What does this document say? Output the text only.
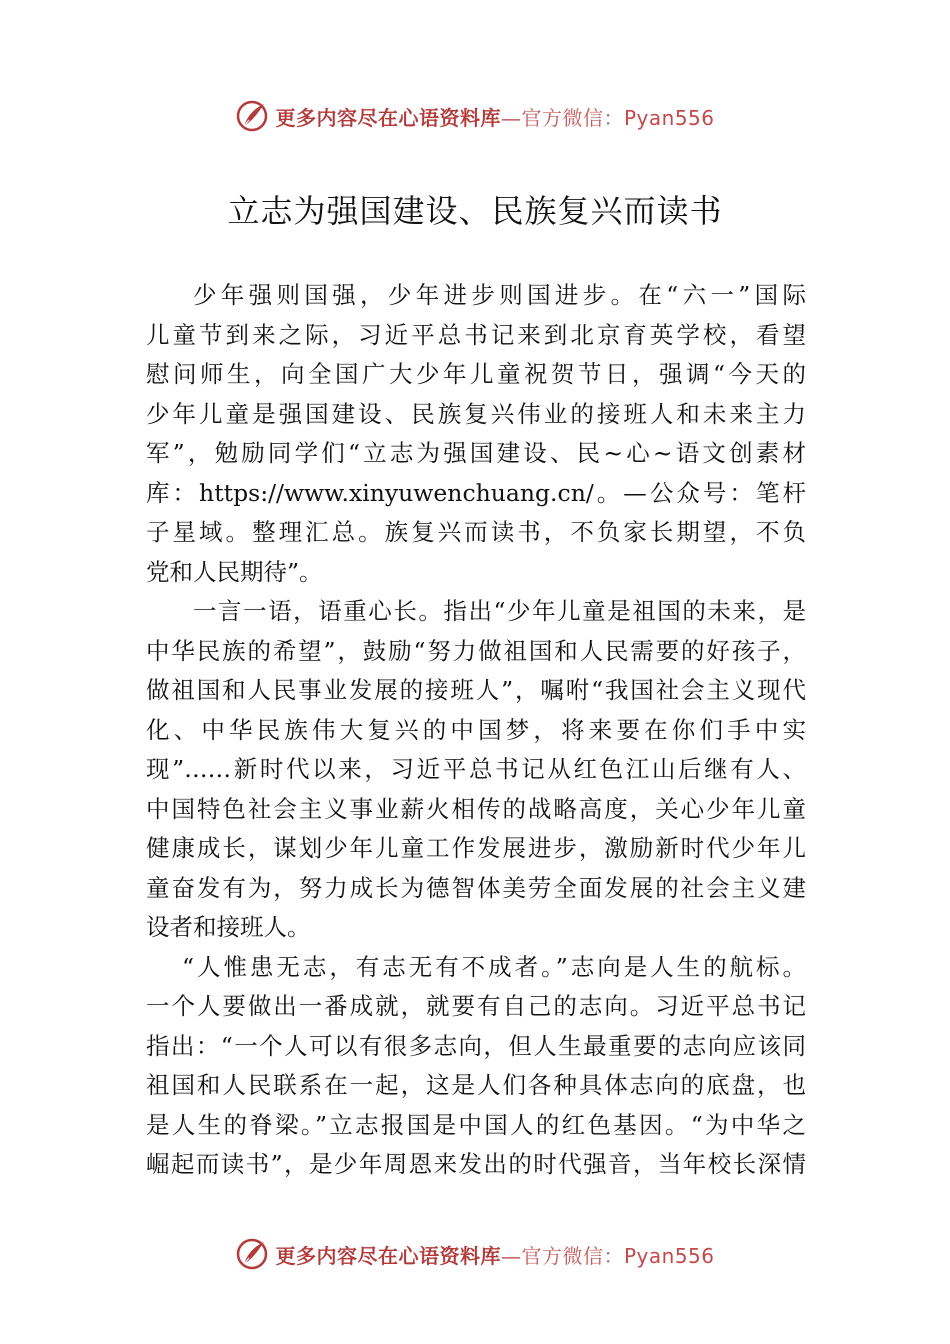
更多内容尽在心语资料库—官方微信：Pyan556
立志为强国建设、民族复兴而读书
少年强则国强，少年进步则国进步。在“六一”国际
儿童节到来之际，习近平总书记来到北京育英学校，看望
慰问师生，向全国广大少年儿童祝贺节日，强调“今天的
少年儿童是强国建设、民族复兴伟业的接班人和未来主力
军”，勉励同学们“立志为强国建设、民~心~语文创素材
库：https://www.xinyuwenchuang.cn/。—公众号：笔杆
子星域。整理汇总。族复兴而读书，不负家长期望，不负
党和人民期待”。
一言一语，语重心长。指出“少年儿童是祖国的未来，是
中华民族的希望”，鼓励“努力做祖国和人民需要的好孩子，
做祖国和人民事业发展的接班人”，嘱咐“我国社会主义现代
化、中华民族伟大复兴的中国梦，将来要在你们手中实
现”……新时代以来，习近平总书记从红色江山后继有人、
中国特色社会主义事业薪火相传的战略高度，关心少年儿童
健康成长，谋划少年儿童工作发展进步，激励新时代少年儿
童奋发有为，努力成长为德智体美劳全面发展的社会主义建
设者和接班人。
“人惟患无志，有志无有不成者。”志向是人生的航标。
一个人要做出一番成就，就要有自己的志向。习近平总书记
指出：“一个人可以有很多志向，但人生最重要的志向应该同
祖国和人民联系在一起，这是人们各种具体志向的底盘，也
是人生的脊梁。”立志报国是中国人的红色基因。“为中华之
崛起而读书”，是少年周恩来发出的时代强音，当年校长深情
更多内容尽在心语资料库—官方微信：Pyan556
